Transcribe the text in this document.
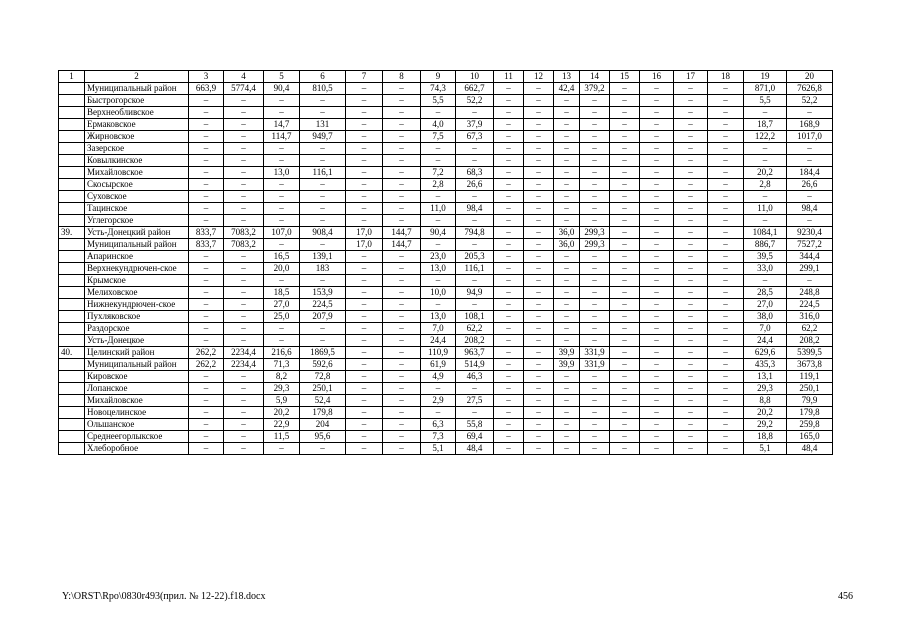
1	2	3	4	5	6	7	8	9	10	11	12	13	14	15	16	17	18	19	20
	Муниципальный район	663,9	5774,4	90,4	810,5	–	–	74,3	662,7	–	–	42,4	379,2	–	–	–	–	871,0	7626,8
	Быстрогорское	–	–	–	–	–	–	5,5	52,2	–	–	–	–	–	–	–	–	5,5	52,2
	Верхнеобливское	–	–	–	–	–	–	–	–	–	–	–	–	–	–	–	–	–	–
	Ермаковское	–	–	14,7	131	–	–	4,0	37,9	–	–	–	–	–	–	–	–	18,7	168,9
	Жирновское	–	–	114,7	949,7	–	–	7,5	67,3	–	–	–	–	–	–	–	–	122,2	1017,0
	Зазерское	–	–	–	–	–	–	–	–	–	–	–	–	–	–	–	–	–	–
	Ковылкинское	–	–	–	–	–	–	–	–	–	–	–	–	–	–	–	–	–	–
	Михайловское	–	–	13,0	116,1	–	–	7,2	68,3	–	–	–	–	–	–	–	–	20,2	184,4
	Скосырское	–	–	–	–	–	–	2,8	26,6	–	–	–	–	–	–	–	–	2,8	26,6
	Суховское	–	–	–	–	–	–	–	–	–	–	–	–	–	–	–	–	–	–
	Тацинское	–	–	–	–	–	–	11,0	98,4	–	–	–	–	–	–	–	–	11,0	98,4
	Углегорское	–	–	–	–	–	–	–	–	–	–	–	–	–	–	–	–	–	–
39.	Усть-Донецкий район	833,7	7083,2	107,0	908,4	17,0	144,7	90,4	794,8	–	–	36,0	299,3	–	–	–	–	1084,1	9230,4
	Муниципальный район	833,7	7083,2	–	–	17,0	144,7	–	–	–	–	36,0	299,3	–	–	–	–	886,7	7527,2
	Апаринское	–	–	16,5	139,1	–	–	23,0	205,3	–	–	–	–	–	–	–	–	39,5	344,4
	Верхнекундрючен-ское	–	–	20,0	183	–	–	13,0	116,1	–	–	–	–	–	–	–	–	33,0	299,1
	Крымское	–	–	–	–	–	–	–	–	–	–	–	–	–	–	–	–	–	–
	Мелиховское	–	–	18,5	153,9	–	–	10,0	94,9	–	–	–	–	–	–	–	–	28,5	248,8
	Нижнекундрючен-ское	–	–	27,0	224,5	–	–	–	–	–	–	–	–	–	–	–	–	27,0	224,5
	Пухляковское	–	–	25,0	207,9	–	–	13,0	108,1	–	–	–	–	–	–	–	–	38,0	316,0
	Раздорское	–	–	–	–	–	–	7,0	62,2	–	–	–	–	–	–	–	–	7,0	62,2
	Усть-Донецкое	–	–	–	–	–	–	24,4	208,2	–	–	–	–	–	–	–	–	24,4	208,2
40.	Целинский район	262,2	2234,4	216,6	1869,5	–	–	110,9	963,7	–	–	39,9	331,9	–	–	–	–	629,6	5399,5
	Муниципальный район	262,2	2234,4	71,3	592,6	–	–	61,9	514,9	–	–	39,9	331,9	–	–	–	–	435,3	3673,8
	Кировское	–	–	8,2	72,8	–	–	4,9	46,3	–	–	–	–	–	–	–	–	13,1	119,1
	Лопанское	–	–	29,3	250,1	–	–	–	–	–	–	–	–	–	–	–	–	29,3	250,1
	Михайловское	–	–	5,9	52,4	–	–	2,9	27,5	–	–	–	–	–	–	–	–	8,8	79,9
	Новоцелинское	–	–	20,2	179,8	–	–	–	–	–	–	–	–	–	–	–	–	20,2	179,8
	Ольшанское	–	–	22,9	204	–	–	6,3	55,8	–	–	–	–	–	–	–	–	29,2	259,8
	Среднеегорлыкское	–	–	11,5	95,6	–	–	7,3	69,4	–	–	–	–	–	–	–	–	18,8	165,0
	Хлеборобное	–	–	–	–	–	–	5,1	48,4	–	–	–	–	–	–	–	–	5,1	48,4
Y:\ORST\Rpo\0830r493(прил. № 12-22).f18.docx	456
